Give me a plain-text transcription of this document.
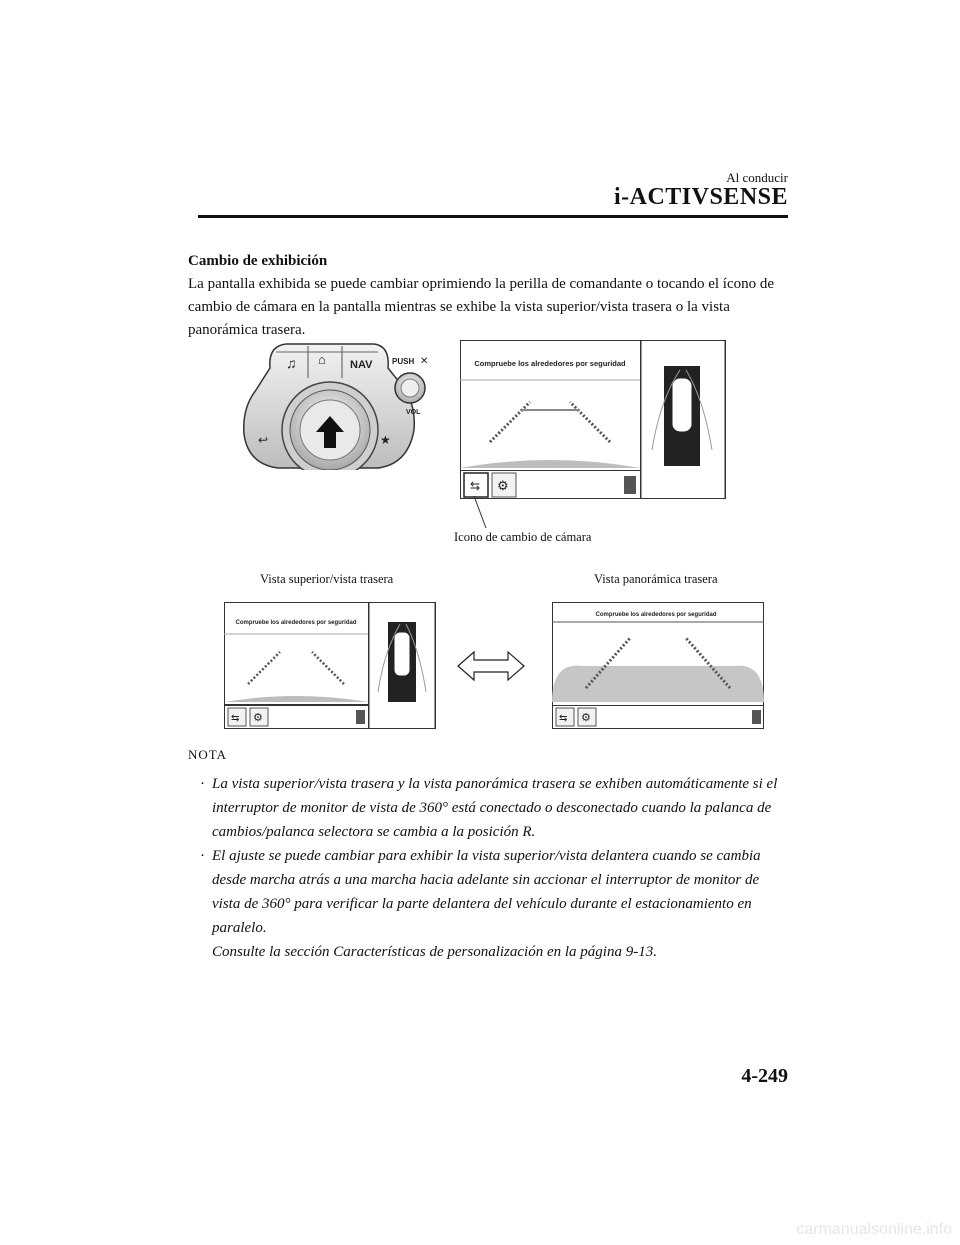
Al conducir
i-ACTIVSENSE
Cambio de exhibición
La pantalla exhibida se puede cambiar oprimiendo la perilla de comandante o tocando el ícono de cambio de cámara en la pantalla mientras se exhibe la vista superior/vista trasera o la vista panorámica trasera.
♫ ⌂ NAV
↩	★
PUSH ✕
VOL
Compruebe los alrededores por seguridad
⇆ ⚙
Icono de cambio de cámara
Vista superior/vista trasera	Vista panorámica trasera
Compruebe los alrededores por seguridad
⇆ ⚙
Compruebe los alrededores por seguridad
⇆ ⚙
NOTA
· La vista superior/vista trasera y la vista panorámica trasera se exhiben automáticamente si el interruptor de monitor de vista de 360° está conectado o desconectado cuando la palanca de cambios/palanca selectora se cambia a la posición R.
· El ajuste se puede cambiar para exhibir la vista superior/vista delantera cuando se cambia desde marcha atrás a una marcha hacia adelante sin accionar el interruptor de monitor de vista de 360° para verificar la parte delantera del vehículo durante el estacionamiento en paralelo.
Consulte la sección Características de personalización en la página 9-13.
4-249
carmanualsonline.info
